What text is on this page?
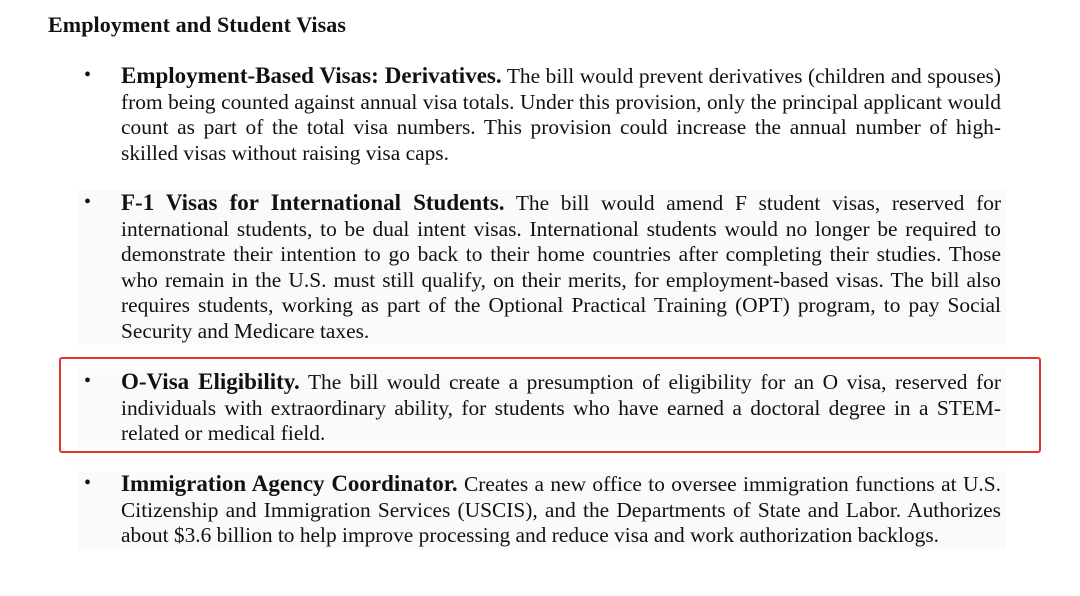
Employment and Student Visas
• Employment-Based Visas: Derivatives. The bill would prevent derivatives (children and spouses) from being counted against annual visa totals. Under this provision, only the principal applicant would count as part of the total visa numbers. This provision could increase the annual number of high-skilled visas without raising visa caps.
• F-1 Visas for International Students. The bill would amend F student visas, reserved for international students, to be dual intent visas. International students would no longer be required to demonstrate their intention to go back to their home countries after completing their studies. Those who remain in the U.S. must still qualify, on their merits, for employment-based visas. The bill also requires students, working as part of the Optional Practical Training (OPT) program, to pay Social Security and Medicare taxes.
• O-Visa Eligibility. The bill would create a presumption of eligibility for an O visa, reserved for individuals with extraordinary ability, for students who have earned a doctoral degree in a STEM-related or medical field.
• Immigration Agency Coordinator. Creates a new office to oversee immigration functions at U.S. Citizenship and Immigration Services (USCIS), and the Departments of State and Labor. Authorizes about $3.6 billion to help improve processing and reduce visa and work authorization backlogs.
